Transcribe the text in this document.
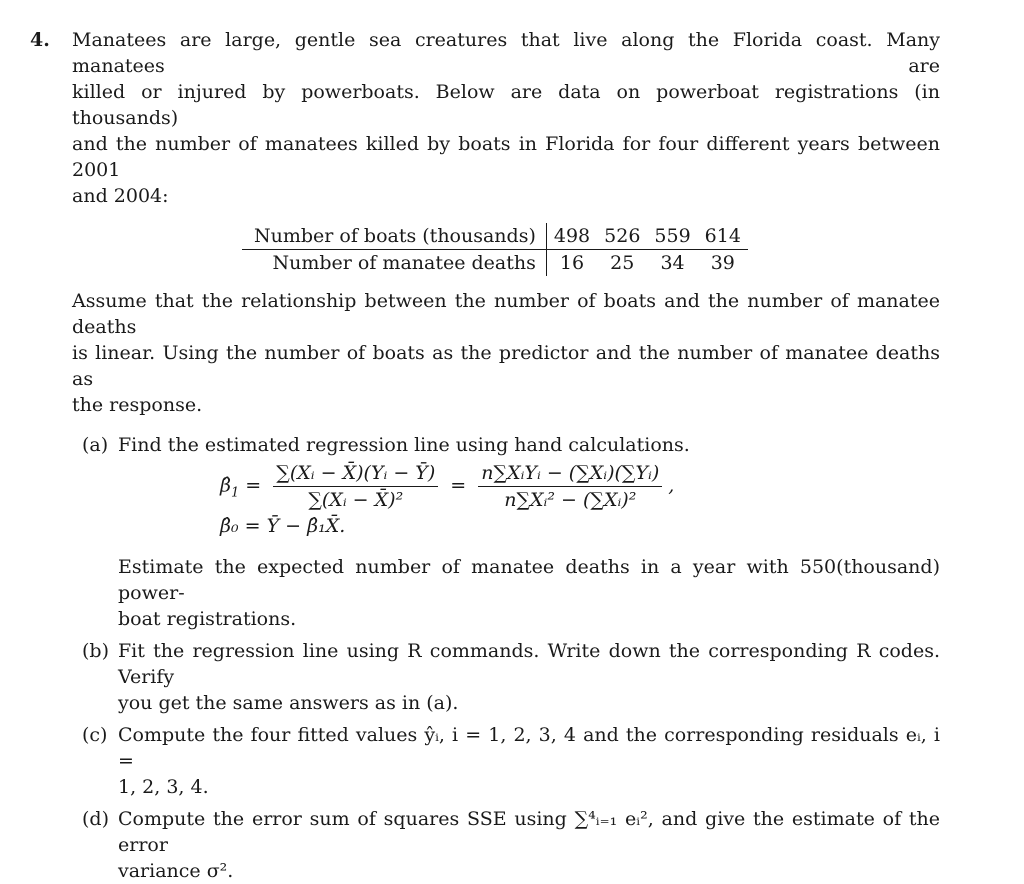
4. Manatees are large, gentle sea creatures that live along the Florida coast. Many manatees are
killed or injured by powerboats. Below are data on powerboat registrations (in thousands)
and the number of manatees killed by boats in Florida for four different years between 2001
and 2004:
Number of boats (thousands)	498	526	559	614
Number of manatee deaths	16	25	34	39
Assume that the relationship between the number of boats and the number of manatee deaths
is linear. Using the number of boats as the predictor and the number of manatee deaths as
the response.
(a) Find the estimated regression line using hand calculations.
$\betâ_1 = \frac{\text{∑(Xᵢ − X̄)(Yᵢ − Ȳ)}}{\text{∑(Xᵢ − X̄)²}} = \frac{\text{n∑XᵢYᵢ − (∑Xᵢ)(∑Yᵢ)}}{\text{n∑Xᵢ² − (∑Xᵢ)²}}$ ,
β̂₀ = Ȳ − β̂₁X̄.
Estimate the expected number of manatee deaths in a year with 550(thousand) power-
boat registrations.
(b) Fit the regression line using R commands. Write down the corresponding R codes. Verify
you get the same answers as in (a).
(c) Compute the four fitted values ŷᵢ, i = 1, 2, 3, 4 and the corresponding residuals eᵢ, i =
1, 2, 3, 4.
(d) Compute the error sum of squares SSE using ∑⁴ᵢ₌₁ eᵢ², and give the estimate of the error
variance σ².
